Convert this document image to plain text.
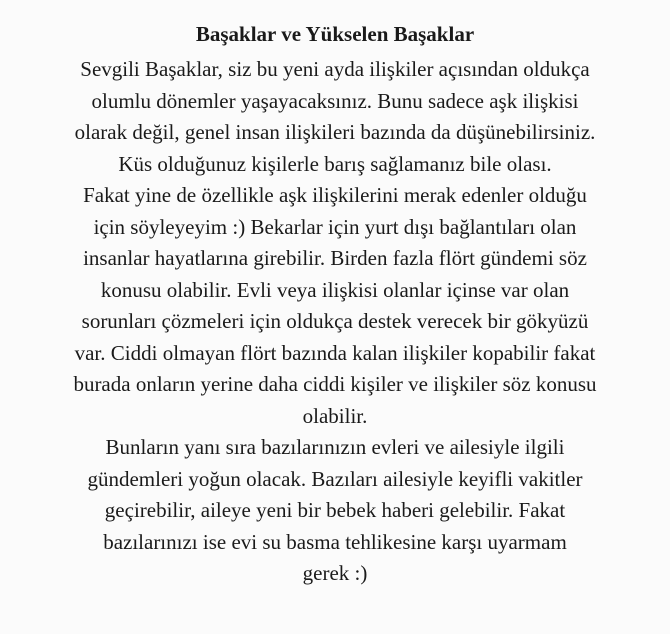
Başaklar ve Yükselen Başaklar
Sevgili Başaklar, siz bu yeni ayda ilişkiler açısından oldukça
olumlu dönemler yaşayacaksınız. Bunu sadece aşk ilişkisi
olarak değil, genel insan ilişkileri bazında da düşünebilirsiniz.
Küs olduğunuz kişilerle barış sağlamanız bile olası.
Fakat yine de özellikle aşk ilişkilerini merak edenler olduğu
için söyleyeyim :) Bekarlar için yurt dışı bağlantıları olan
insanlar hayatlarına girebilir. Birden fazla flört gündemi söz
konusu olabilir. Evli veya ilişkisi olanlar içinse var olan
sorunları çözmeleri için oldukça destek verecek bir gökyüzü
var. Ciddi olmayan flört bazında kalan ilişkiler kopabilir fakat
burada onların yerine daha ciddi kişiler ve ilişkiler söz konusu
olabilir.
Bunların yanı sıra bazılarınızın evleri ve ailesiyle ilgili
gündemleri yoğun olacak. Bazıları ailesiyle keyifli vakitler
geçirebilir, aileye yeni bir bebek haberi gelebilir. Fakat
bazılarınızı ise evi su basma tehlikesine karşı uyarmam
gerek :)
